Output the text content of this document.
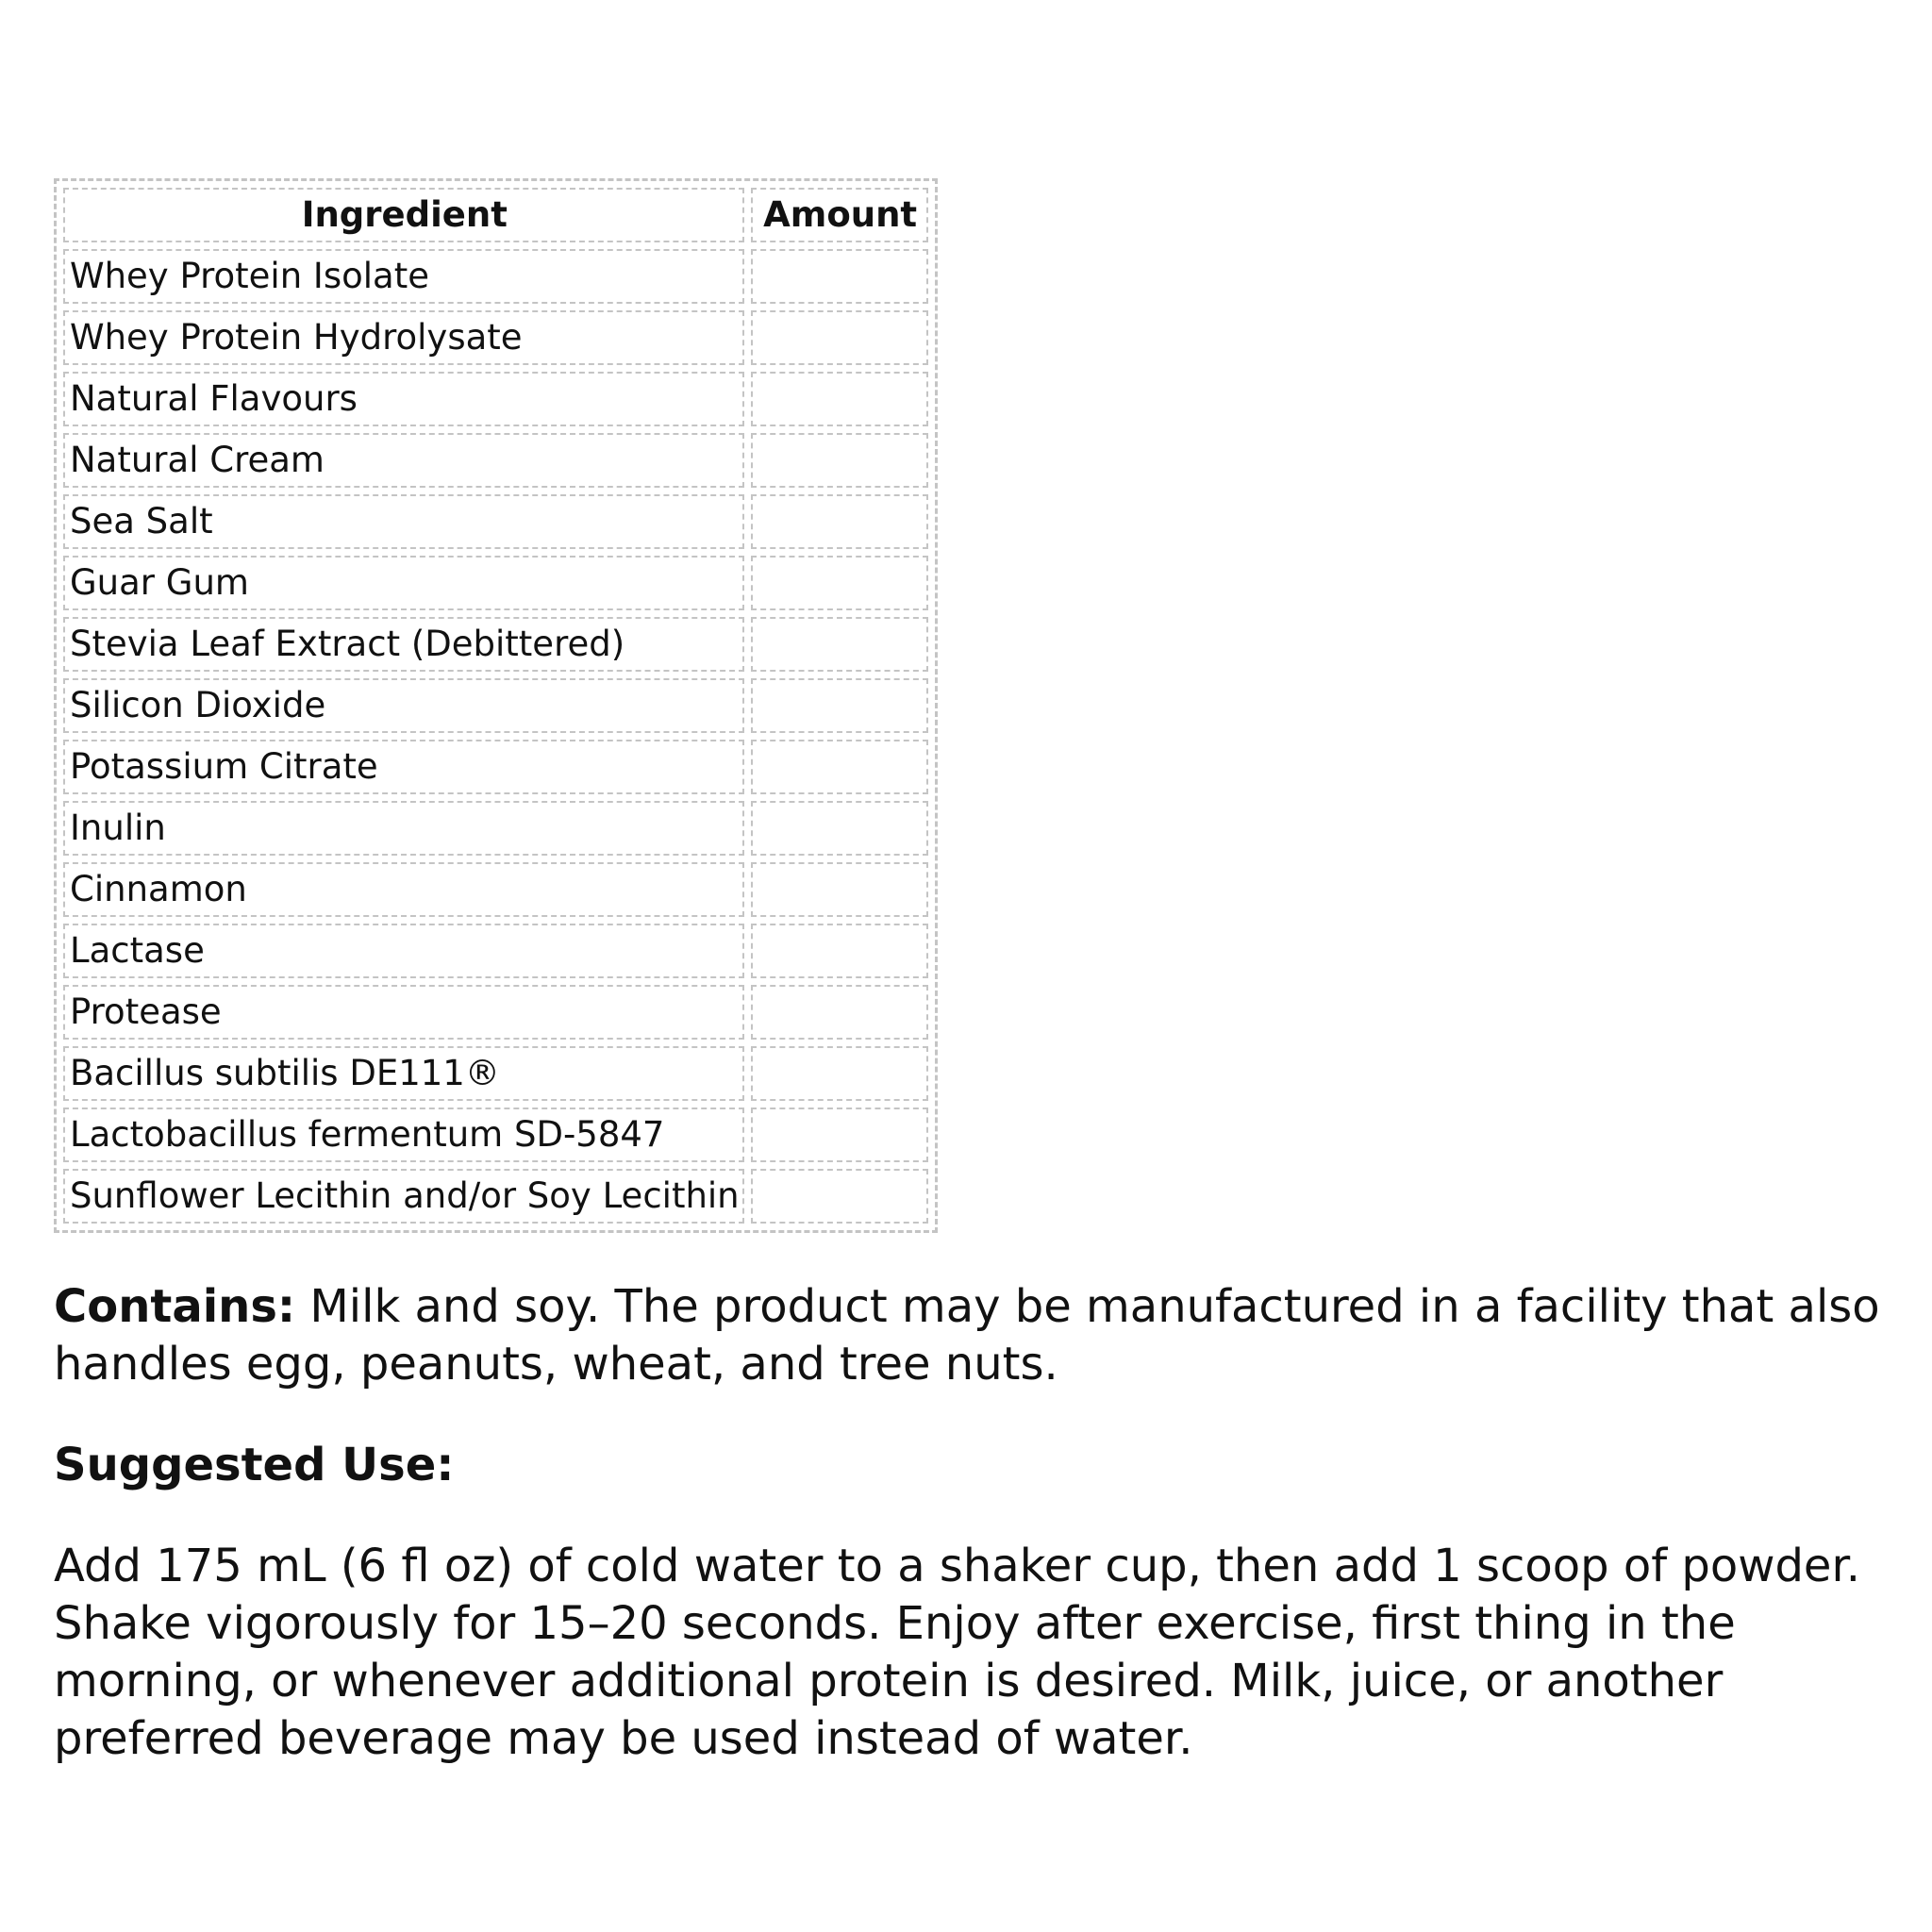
Ingredient	Amount
Whey Protein Isolate	
Whey Protein Hydrolysate	
Natural Flavours	
Natural Cream	
Sea Salt	
Guar Gum	
Stevia Leaf Extract (Debittered)	
Silicon Dioxide	
Potassium Citrate	
Inulin	
Cinnamon	
Lactase	
Protease	
Bacillus subtilis DE111®	
Lactobacillus fermentum SD-5847	
Sunflower Lecithin and/or Soy Lecithin	

Contains: Milk and soy. The product may be manufactured in a facility that also handles egg, peanuts, wheat, and tree nuts.

Suggested Use:

Add 175 mL (6 fl oz) of cold water to a shaker cup, then add 1 scoop of powder. Shake vigorously for 15–20 seconds. Enjoy after exercise, first thing in the morning, or whenever additional protein is desired. Milk, juice, or another preferred beverage may be used instead of water.
